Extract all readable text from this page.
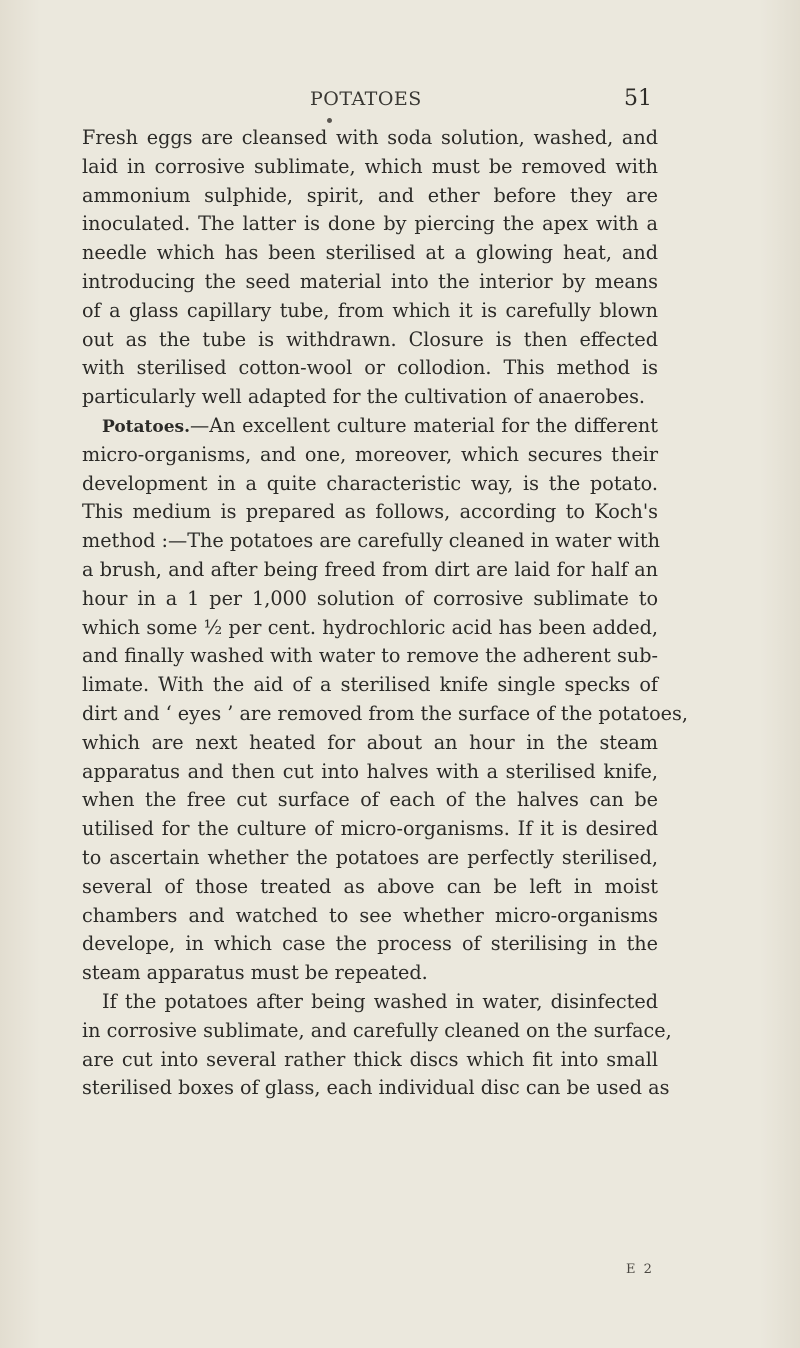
POTATOES	51
Fresh eggs are cleansed with soda solution, washed, and
laid in corrosive sublimate, which must be removed with
ammonium sulphide, spirit, and ether before they are
inoculated. The latter is done by piercing the apex with a
needle which has been sterilised at a glowing heat, and
introducing the seed material into the interior by means
of a glass capillary tube, from which it is carefully blown
out as the tube is withdrawn. Closure is then effected
with sterilised cotton-wool or collodion. This method is
particularly well adapted for the cultivation of anaerobes.
Potatoes.—An excellent culture material for the different
micro-organisms, and one, moreover, which secures their
development in a quite characteristic way, is the potato.
This medium is prepared as follows, according to Koch's
method :—The potatoes are carefully cleaned in water with
a brush, and after being freed from dirt are laid for half an
hour in a 1 per 1,000 solution of corrosive sublimate to
which some ½ per cent. hydrochloric acid has been added,
and finally washed with water to remove the adherent sub-
limate. With the aid of a sterilised knife single specks of
dirt and ‘ eyes ’ are removed from the surface of the potatoes,
which are next heated for about an hour in the steam
apparatus and then cut into halves with a sterilised knife,
when the free cut surface of each of the halves can be
utilised for the culture of micro-organisms. If it is desired
to ascertain whether the potatoes are perfectly sterilised,
several of those treated as above can be left in moist
chambers and watched to see whether micro-organisms
develope, in which case the process of sterilising in the
steam apparatus must be repeated.
If the potatoes after being washed in water, disinfected
in corrosive sublimate, and carefully cleaned on the surface,
are cut into several rather thick discs which fit into small
sterilised boxes of glass, each individual disc can be used as
E 2
